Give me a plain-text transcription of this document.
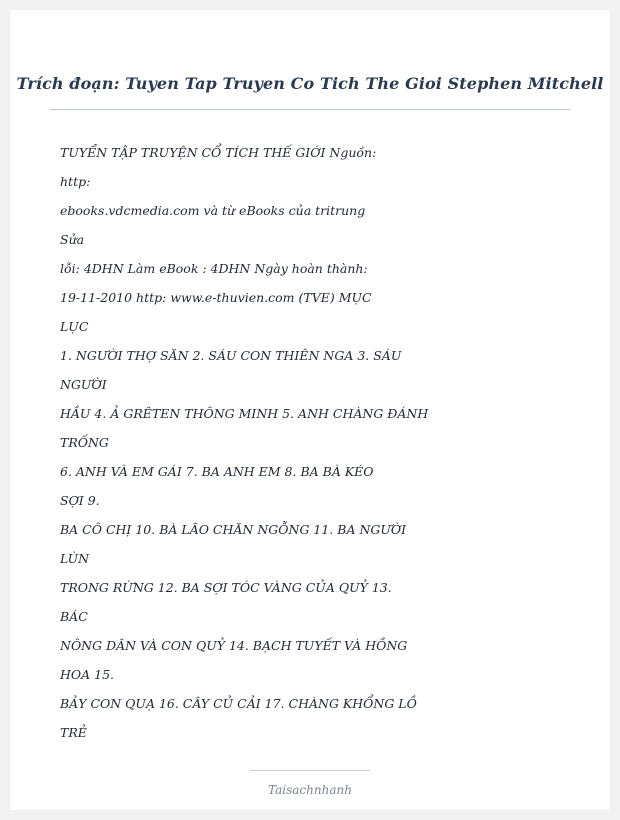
Trích đoạn: Tuyen Tap Truyen Co Tich The Gioi Stephen Mitchell
TUYỂN TẬP TRUYỆN CỔ TÍCH THẾ GIỚI Nguồn:
http:
ebooks.vdcmedia.com và từ eBooks của tritrung
Sửa
lỗi: 4DHN Làm eBook : 4DHN Ngày hoàn thành:
19-11-2010 http: www.e-thuvien.com (TVE) MỤC
LỤC
1. NGƯỜI THỢ SĂN 2. SÁU CON THIÊN NGA 3. SÁU
NGƯỜI
HẦU 4. Ả GRÊTEN THÔNG MINH 5. ANH CHÀNG ĐÁNH
TRỐNG
6. ANH VÀ EM GÁI 7. BA ANH EM 8. BA BÀ KÉO
SỢI 9.
BA CÔ CHỊ 10. BÀ LÃO CHĂN NGỖNG 11. BA NGƯỜI
LÙN
TRONG RỪNG 12. BA SỢI TÓC VÀNG CỦA QUỶ 13.
BÁC
NÔNG DÂN VÀ CON QUỶ 14. BẠCH TUYẾT VÀ HỒNG
HOA 15.
BẢY CON QUẠ 16. CÂY CỦ CẢI 17. CHÀNG KHỔNG LỒ
TRẺ
Taisachnhanh
